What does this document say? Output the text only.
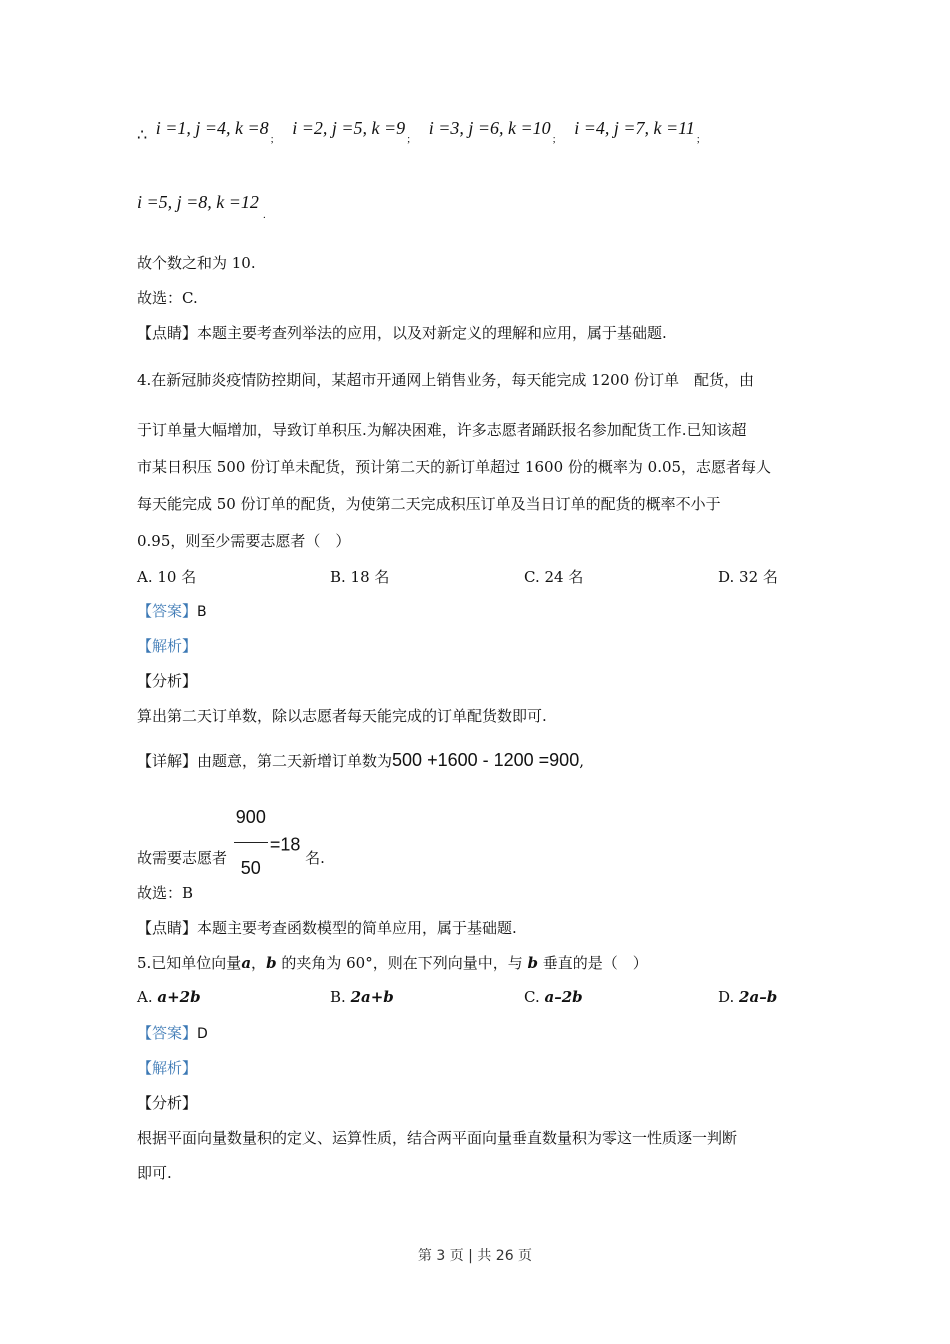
∴ i =1, j =4, $k =8_;$ i =2, j =5, $k =9_;$ i =3, j =6, $k =10_;$ i =4, j =7, $k =11_;$
i =5, j =8, $k =12_.$
故个数之和为 10.
故选：C.
【点睛】本题主要考查列举法的应用，以及对新定义的理解和应用，属于基础题.
4.在新冠肺炎疫情防控期间，某超市开通网上销售业务，每天能完成 1200 份订单　配货，由
于订单量大幅增加，导致订单积压.为解决困难，许多志愿者踊跃报名参加配货工作.已知该超
市某日积压 500 份订单未配货，预计第二天的新订单超过 1600 份的概率为 0.05，志愿者每人
每天能完成 50 份订单的配货，为使第二天完成积压订单及当日订单的配货的概率不小于
0.95，则至少需要志愿者（　）
A. 10 名	B. 18 名	C. 24 名	D. 32 名
【答案】B
【解析】
【分析】
算出第二天订单数，除以志愿者每天能完成的订单配货数即可.
【详解】由题意，第二天新增订单数为500 +1600 - 1200 =900,
故需要志愿者 $\frac{900}{50} =18$ 名.
故选：B
【点睛】本题主要考查函数模型的简单应用，属于基础题.
5.已知单位向量a，b 的夹角为 60°，则在下列向量中，与 b 垂直的是（　）
A. a+2b	B. 2a+b	C. a–2b	D. 2a–b
【答案】D
【解析】
【分析】
根据平面向量数量积的定义、运算性质，结合两平面向量垂直数量积为零这一性质逐一判断
即可.
第 3 页 | 共 26 页
